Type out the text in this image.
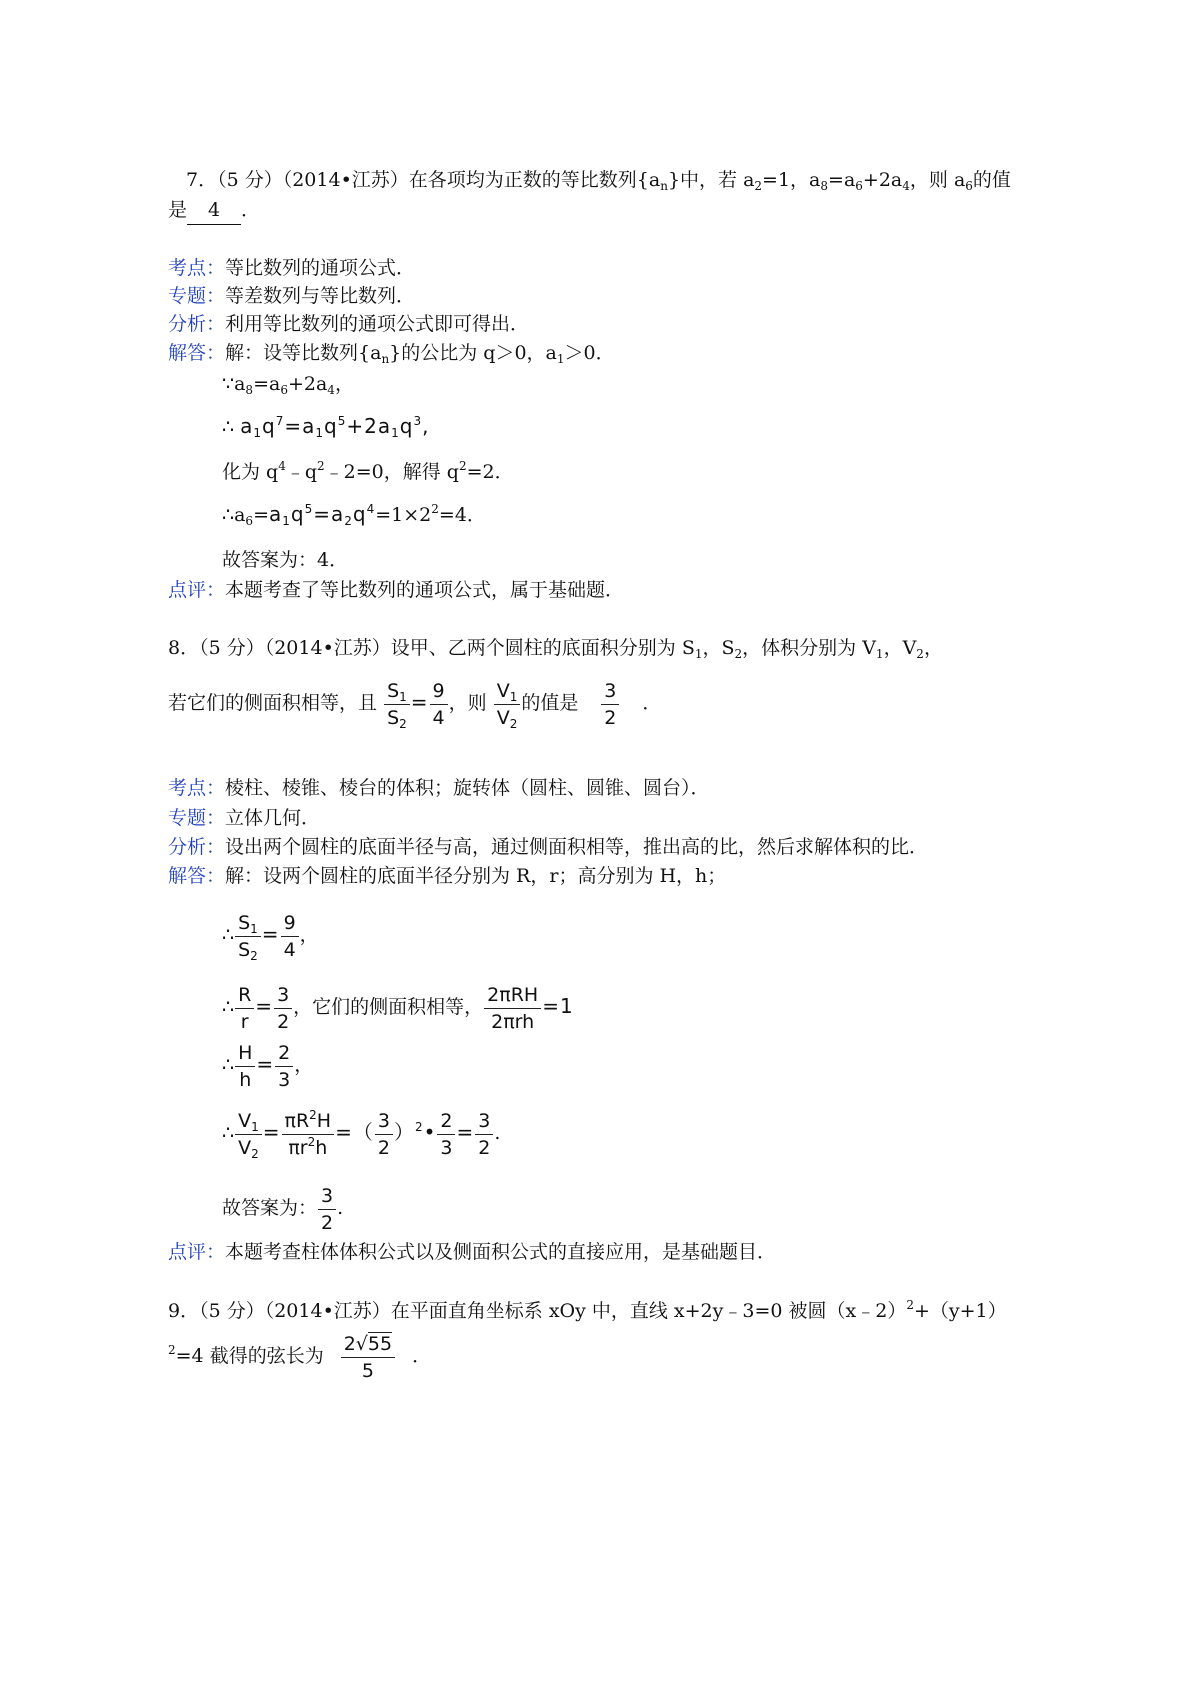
7．（5 分）（2014•江苏）在各项均为正数的等比数列$\{a_n\}$中，若 $a_2=1$，$a_8=a_6+2a_4$，则 $a_6$的值
是 4 ．
考点：等比数列的通项公式．
专题：等差数列与等比数列．
分析：利用等比数列的通项公式即可得出．
解答：解：设等比数列$\{a_n\}$的公比为 q＞0，$a_1>0$．
$\because a_8=a_6+2a_4$，
∴ $a_1q^7=a_1q^5+2a_1q^3$,
化为 $q^4﹣q^2﹣2=0$，解得 $q^2=2$．
$\therefore a_6=a_1q^5=a_2q^4=1\times 2^2=4$．
故答案为：4．
点评：本题考查了等比数列的通项公式，属于基础题．
8．（5 分）（2014•江苏）设甲、乙两个圆柱的底面积分别为 $S_1$，$S_2$，体积分别为 $V_1$，$V_2$，
若它们的侧面积相等，且 $\frac{S_1}{S_2} = \frac{9}{4}$ ，则 $\frac{V_1}{V_2}$ 的值是 $\frac{3}{2}$ ．
考点：棱柱、棱锥、棱台的体积；旋转体（圆柱、圆锥、圆台）．
专题：立体几何．
分析：设出两个圆柱的底面半径与高，通过侧面积相等，推出高的比，然后求解体积的比．
解答：解：设两个圆柱的底面半径分别为 R，r；高分别为 H，h；
∴ $\frac{S_1}{S_2} = \frac{9}{4}$ ，
∴ $\frac{R}{r} = \frac{3}{2}$ ，它们的侧面积相等， $\frac{\text{2πRH}}{\text{2πrh}} =1$
∴ $\frac{H}{h} = \frac{2}{3}$ ，
∴ $\frac{V_1}{V_2} = \frac{\pi R^2H}{\pi r^2h}$ =（ $\frac{3}{2}$ ）$^2$• $\frac{2}{3} = \frac{3}{2}$ .
故答案为： $\frac{3}{2}$ .
点评：本题考查柱体体积公式以及侧面积公式的直接应用，是基础题目．
9．（5 分）（2014•江苏）在平面直角坐标系 xOy 中，直线 x+2y﹣3=0 被圆（x﹣2）$^2$+（y+1）
$^2$=4 截得的弦长为 $\frac{2√55}{5}$ ．
